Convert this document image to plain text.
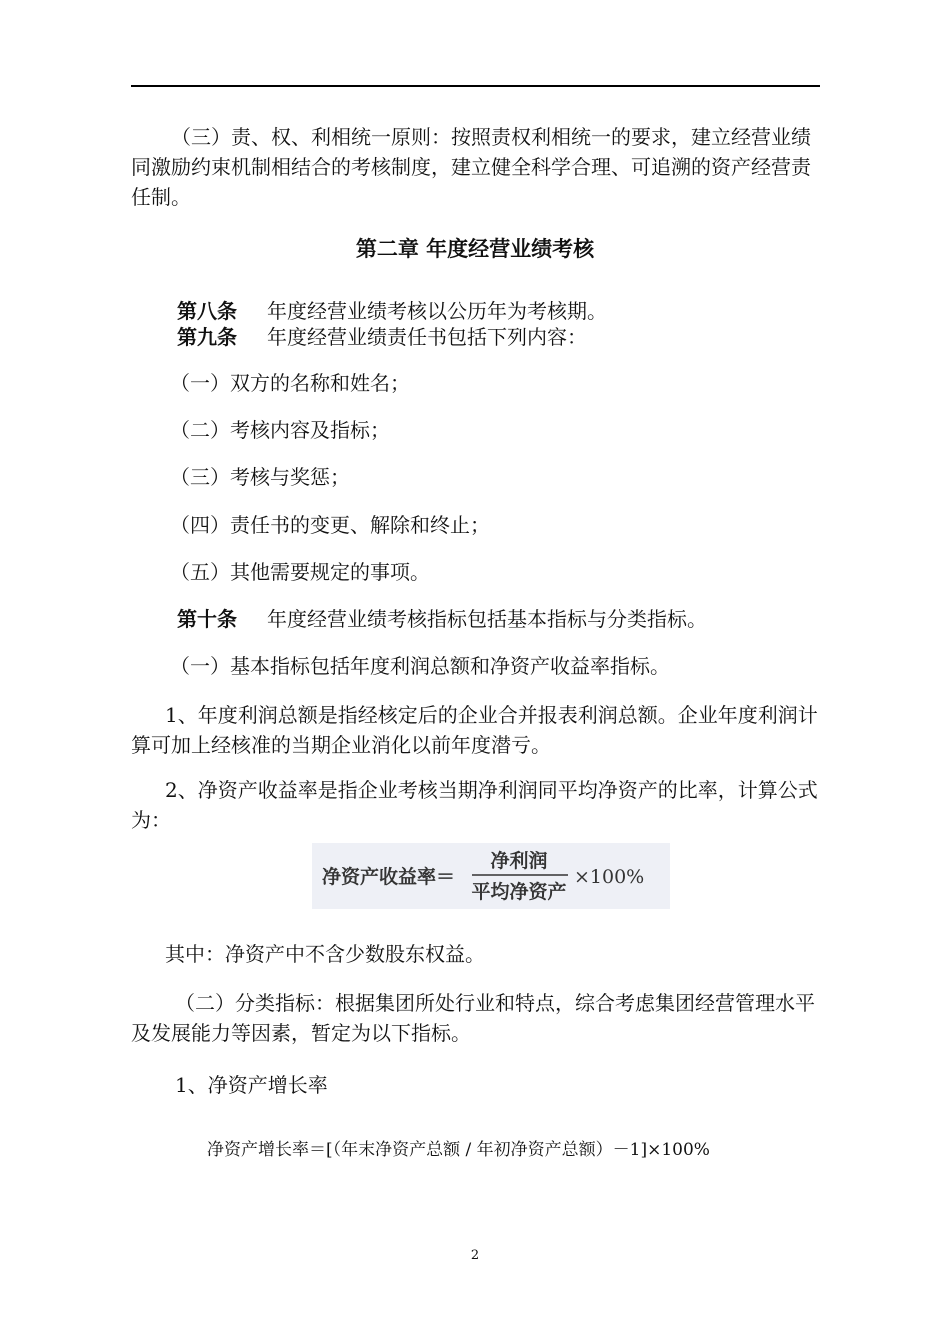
（三）责、权、利相统一原则：按照责权利相统一的要求，建立经营业绩同激励约束机制相结合的考核制度，建立健全科学合理、可追溯的资产经营责任制。

第二章 年度经营业绩考核
第八条 年度经营业绩考核以公历年为考核期。
第九条 年度经营业绩责任书包括下列内容：
（一）双方的名称和姓名；
（二）考核内容及指标；
（三）考核与奖惩；
（四）责任书的变更、解除和终止；
（五）其他需要规定的事项。
第十条 年度经营业绩考核指标包括基本指标与分类指标。
（一）基本指标包括年度利润总额和净资产收益率指标。

1、年度利润总额是指经核定后的企业合并报表利润总额。企业年度利润计算可加上经核准的当期企业消化以前年度潜亏。

2、净资产收益率是指企业考核当期净利润同平均净资产的比率，计算公式为：

净资产收益率＝
净利润
平均净资产
×100%
其中：净资产中不含少数股东权益。

（二）分类指标：根据集团所处行业和特点，综合考虑集团经营管理水平及发展能力等因素，暂定为以下指标。

1、净资产增长率
净资产增长率＝[（年末净资产总额 / 年初净资产总额）－1]×100%
2
